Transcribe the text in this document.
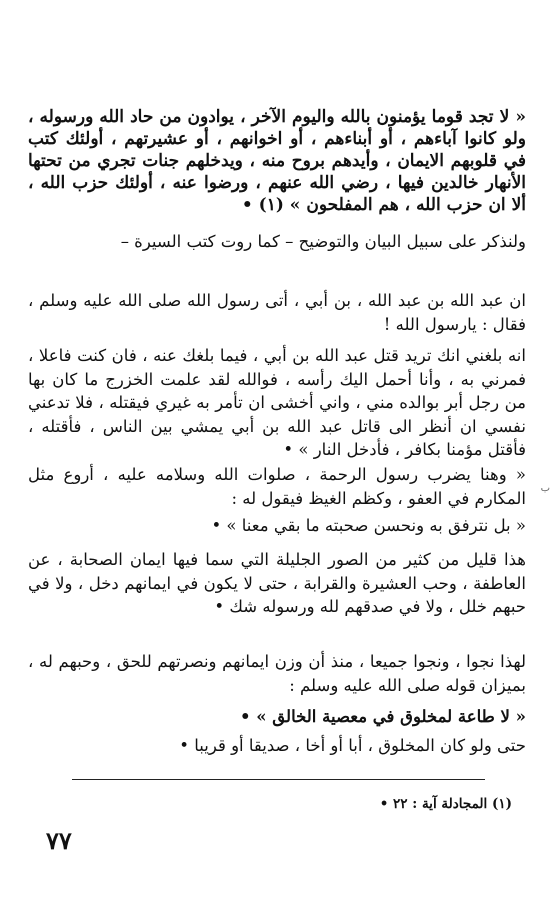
« لا تجد قوما يؤمنون بالله واليوم الآخر ، يوادون من حاد الله ورسوله ، ولو كانوا آباءهم ، أو أبناءهم ، أو اخوانهم ، أو عشيرتهم ، أولئك كتب في قلوبهم الايمان ، وأيدهم بروح منه ، ويدخلهم جنات تجري من تحتها الأنهار خالدين فيها ، رضي الله عنهم ، ورضوا عنه ، أولئك حزب الله ، ألا ان حزب الله ، هم المفلحون » (١) •
ولنذكر على سبيل البيان والتوضيح – كما روت كتب السيرة –
ان عبد الله بن عبد الله ، بن أبي ، أتى رسول الله صلى الله عليه وسلم ، فقال : يارسول الله !
انه بلغني انك تريد قتل عبد الله بن أبي ، فيما بلغك عنه ، فان كنت فاعلا ، فمرني به ، وأنا أحمل اليك رأسه ، فوالله لقد علمت الخزرج ما كان بها من رجل أبر بوالده مني ، واني أخشى ان تأمر به غيري فيقتله ، فلا تدعني نفسي ان أنظر الى قاتل عبد الله بن أبي يمشي بين الناس ، فأقتله ، فأقتل مؤمنا بكافر ، فأدخل النار » •
« وهنا يضرب رسول الرحمة ، صلوات الله وسلامه عليه ، أروع مثل المكارم في العفو ، وكظم الغيظ فيقول له :
« بل نترفق به ونحسن صحبته ما بقي معنا » •
هذا قليل من كثير من الصور الجليلة التي سما فيها ايمان الصحابة ، عن العاطفة ، وحب العشيرة والقرابة ، حتى لا يكون في ايمانهم دخل ، ولا في حبهم خلل ، ولا في صدقهم لله ورسوله شك •
لهذا نجوا ، ونجوا جميعا ، منذ أن وزن ايمانهم ونصرتهم للحق ، وحبهم له ، بميزان قوله صلى الله عليه وسلم :
« لا طاعة لمخلوق في معصية الخالق » •
حتى ولو كان المخلوق ، أبا أو أخا ، صديقا أو قريبا •
(١) المجادلة آية : ٢٢ •
٧٧
ب
